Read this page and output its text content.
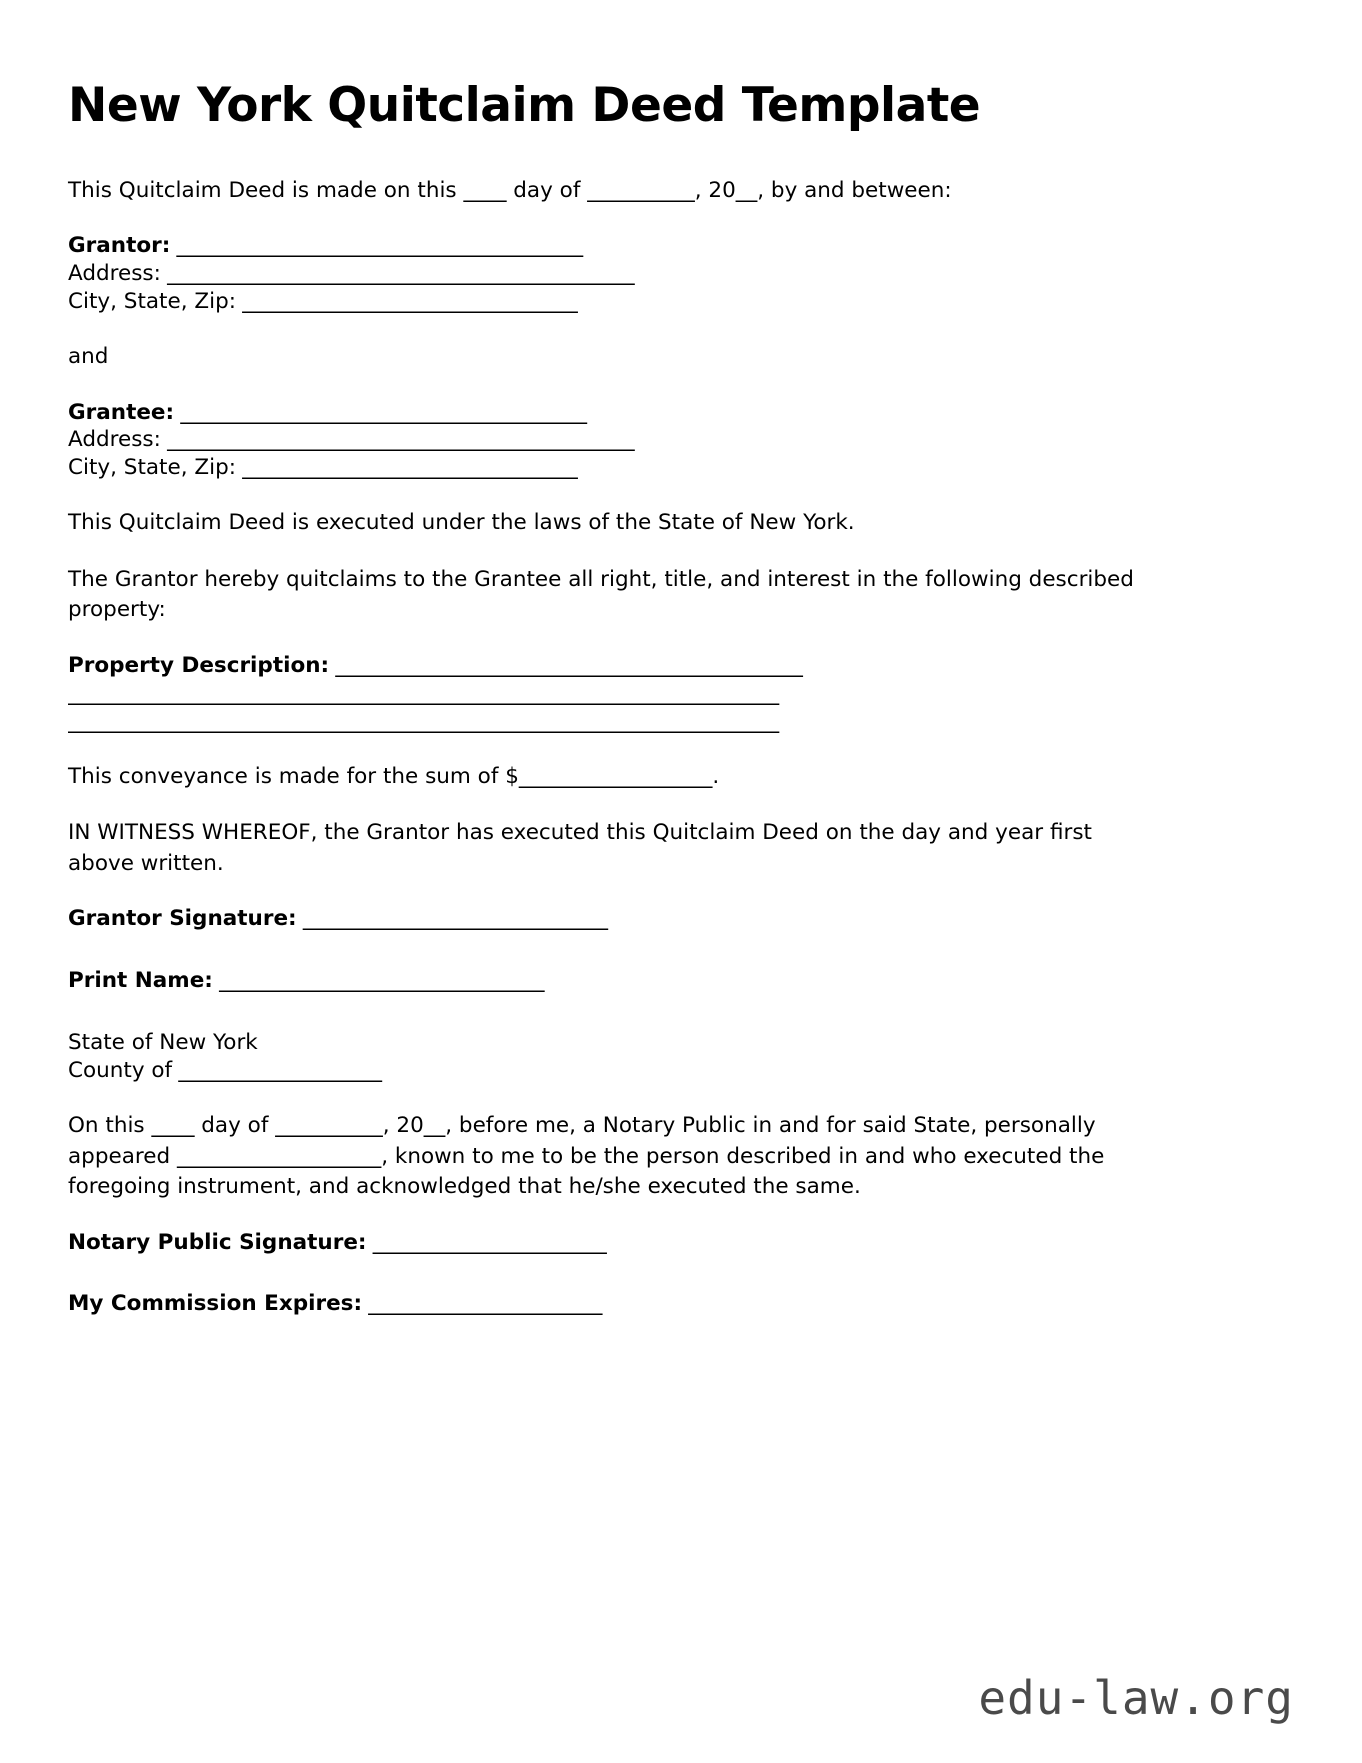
New York Quitclaim Deed Template

This Quitclaim Deed is made on this ____ day of __________, 20__, by and between:

Grantor: ________________________________________
Address: ______________________________________________
City, State, Zip: _________________________________

and

Grantee: ________________________________________
Address: ______________________________________________
City, State, Zip: _________________________________

This Quitclaim Deed is executed under the laws of the State of New York.

The Grantor hereby quitclaims to the Grantee all right, title, and interest in the following described property:

Property Description: ______________________________________________
______________________________________________________________________
______________________________________________________________________

This conveyance is made for the sum of $__________________.

IN WITNESS WHEREOF, the Grantor has executed this Quitclaim Deed on the day and year first above written.

Grantor Signature: ______________________________
Print Name: ________________________________
State of New York
County of ____________________

On this ____ day of __________, 20__, before me, a Notary Public in and for said State, personally appeared ___________________, known to me to be the person described in and who executed the foregoing instrument, and acknowledged that he/she executed the same.

Notary Public Signature: _______________________
My Commission Expires: _______________________
edu-law.org
